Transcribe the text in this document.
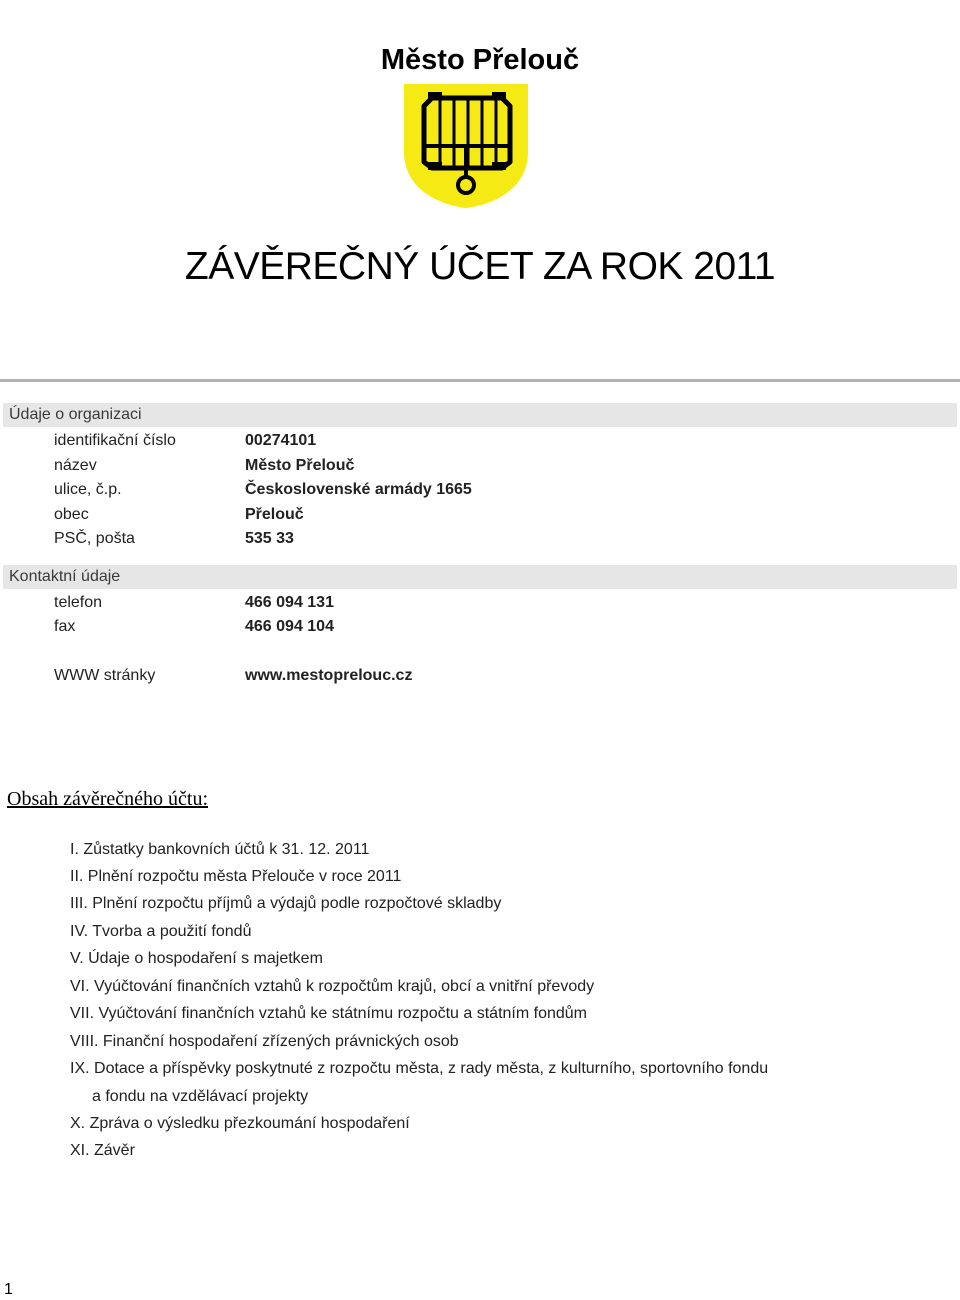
Město Přelouč
ZÁVĚREČNÝ ÚČET ZA ROK 2011
Údaje o organizaci
identifikační číslo	00274101
název	Město Přelouč
ulice, č.p.	Československé armády 1665
obec	Přelouč
PSČ, pošta	535 33
Kontaktní údaje
telefon	466 094 131
fax	466 094 104
WWW stránky	www.mestoprelouc.cz
Obsah závěrečného účtu:
I. Zůstatky bankovních účtů k 31. 12. 2011
II. Plnění rozpočtu města Přelouče v roce 2011
III. Plnění rozpočtu příjmů a výdajů podle rozpočtové skladby
IV. Tvorba a použití fondů
V. Údaje o hospodaření s majetkem
VI. Vyúčtování finančních vztahů k rozpočtům krajů, obcí a vnitřní převody
VII. Vyúčtování finančních vztahů ke státnímu rozpočtu a státním fondům
VIII. Finanční hospodaření zřízených právnických osob
IX. Dotace a příspěvky poskytnuté z rozpočtu města, z rady města, z kulturního, sportovního fondu
a fondu na vzdělávací projekty
X. Zpráva o výsledku přezkoumání hospodaření
XI. Závěr
1
